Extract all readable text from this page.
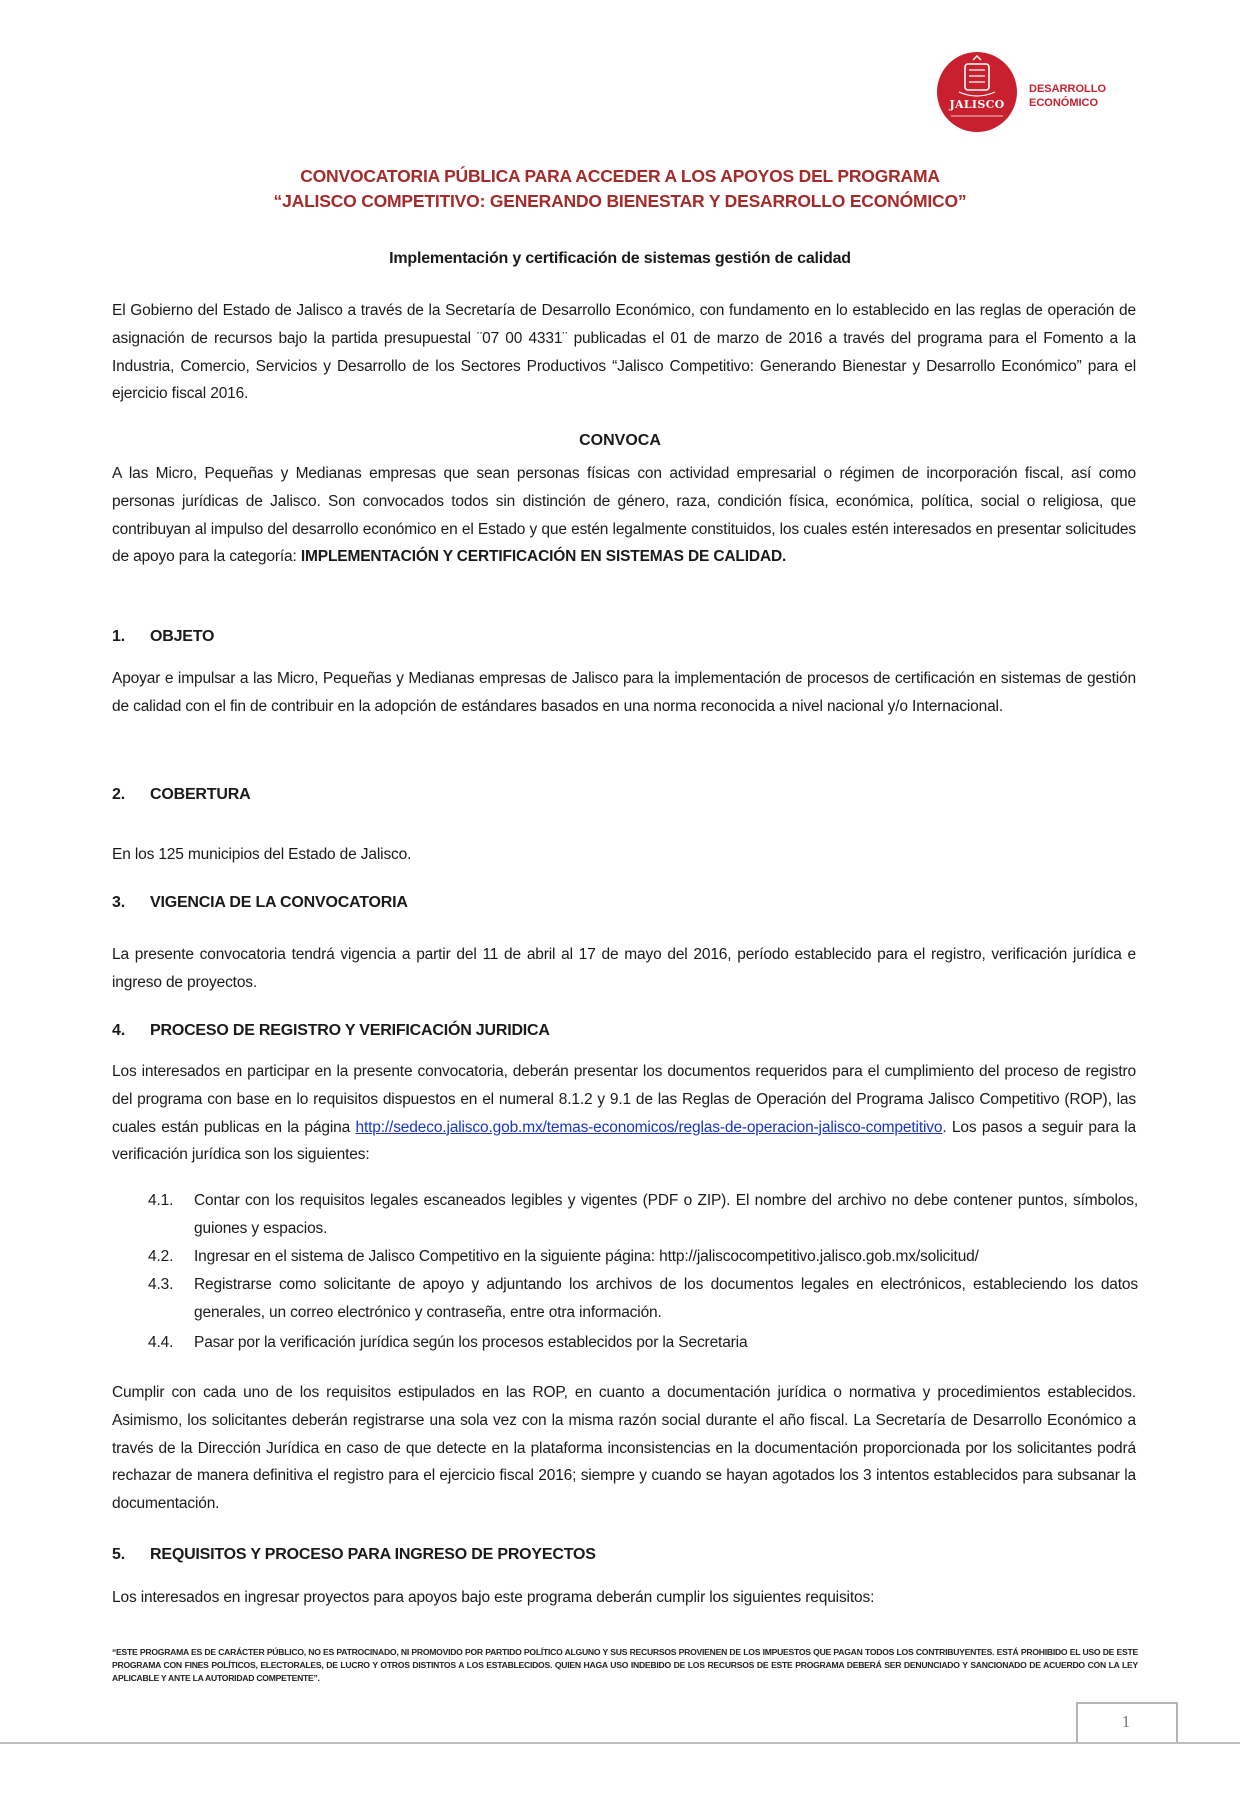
JALISCO
DESARROLLO
ECONÓMICO
CONVOCATORIA PÚBLICA PARA ACCEDER A LOS APOYOS DEL PROGRAMA
“JALISCO COMPETITIVO: GENERANDO BIENESTAR Y DESARROLLO ECONÓMICO”
Implementación y certificación de sistemas gestión de calidad

El Gobierno del Estado de Jalisco a través de la Secretaría de Desarrollo Económico, con fundamento en lo establecido en las reglas de operación de asignación de recursos bajo la partida presupuestal ¨07 00 4331¨ publicadas el 01 de marzo de 2016 a través del programa para el Fomento a la Industria, Comercio, Servicios y Desarrollo de los Sectores Productivos “Jalisco Competitivo: Generando Bienestar y Desarrollo Económico” para el ejercicio fiscal 2016.

CONVOCA

A las Micro, Pequeñas y Medianas empresas que sean personas físicas con actividad empresarial o régimen de incorporación fiscal, así como personas jurídicas de Jalisco. Son convocados todos sin distinción de género, raza, condición física, económica, política, social o religiosa, que contribuyan al impulso del desarrollo económico en el Estado y que estén legalmente constituidos, los cuales estén interesados en presentar solicitudes de apoyo para la categoría: IMPLEMENTACIÓN Y CERTIFICACIÓN EN SISTEMAS DE CALIDAD.

1. OBJETO

Apoyar e impulsar a las Micro, Pequeñas y Medianas empresas de Jalisco para la implementación de procesos de certificación en sistemas de gestión de calidad con el fin de contribuir en la adopción de estándares basados en una norma reconocida a nivel nacional y/o Internacional.

2. COBERTURA

En los 125 municipios del Estado de Jalisco.

3. VIGENCIA DE LA CONVOCATORIA

La presente convocatoria tendrá vigencia a partir del 11 de abril al 17 de mayo del 2016, período establecido para el registro, verificación jurídica e ingreso de proyectos.

4. PROCESO DE REGISTRO Y VERIFICACIÓN JURIDICA

Los interesados en participar en la presente convocatoria, deberán presentar los documentos requeridos para el cumplimiento del proceso de registro del programa con base en lo requisitos dispuestos en el numeral 8.1.2 y 9.1 de las Reglas de Operación del Programa Jalisco Competitivo (ROP), las cuales están publicas en la página http://sedeco.jalisco.gob.mx/temas-economicos/reglas-de-operacion-jalisco-competitivo. Los pasos a seguir para la verificación jurídica son los siguientes:

4.1.	Contar con los requisitos legales escaneados legibles y vigentes (PDF o ZIP). El nombre del archivo no debe contener puntos, símbolos, guiones y espacios.
4.2.	Ingresar en el sistema de Jalisco Competitivo en la siguiente página: http://jaliscocompetitivo.jalisco.gob.mx/solicitud/
4.3.	Registrarse como solicitante de apoyo y adjuntando los archivos de los documentos legales en electrónicos, estableciendo los datos generales, un correo electrónico y contraseña, entre otra información.
4.4.	Pasar por la verificación jurídica según los procesos establecidos por la Secretaria

Cumplir con cada uno de los requisitos estipulados en las ROP, en cuanto a documentación jurídica o normativa y procedimientos establecidos. Asimismo, los solicitantes deberán registrarse una sola vez con la misma razón social durante el año fiscal. La Secretaría de Desarrollo Económico a través de la Dirección Jurídica en caso de que detecte en la plataforma inconsistencias en la documentación proporcionada por los solicitantes podrá rechazar de manera definitiva el registro para el ejercicio fiscal 2016; siempre y cuando se hayan agotados los 3 intentos establecidos para subsanar la documentación.

5. REQUISITOS Y PROCESO PARA INGRESO DE PROYECTOS

Los interesados en ingresar proyectos para apoyos bajo este programa deberán cumplir los siguientes requisitos:

“ESTE PROGRAMA ES DE CARÁCTER PÚBLICO, NO ES PATROCINADO, NI PROMOVIDO POR PARTIDO POLÍTICO ALGUNO Y SUS RECURSOS PROVIENEN DE LOS IMPUESTOS QUE PAGAN TODOS LOS CONTRIBUYENTES. ESTÁ PROHIBIDO EL USO DE ESTE PROGRAMA CON FINES POLÍTICOS, ELECTORALES, DE LUCRO Y OTROS DISTINTOS A LOS ESTABLECIDOS. QUIEN HAGA USO INDEBIDO DE LOS RECURSOS DE ESTE PROGRAMA DEBERÁ SER DENUNCIADO Y SANCIONADO DE ACUERDO CON LA LEY APLICABLE Y ANTE LA AUTORIDAD COMPETENTE”.
1
